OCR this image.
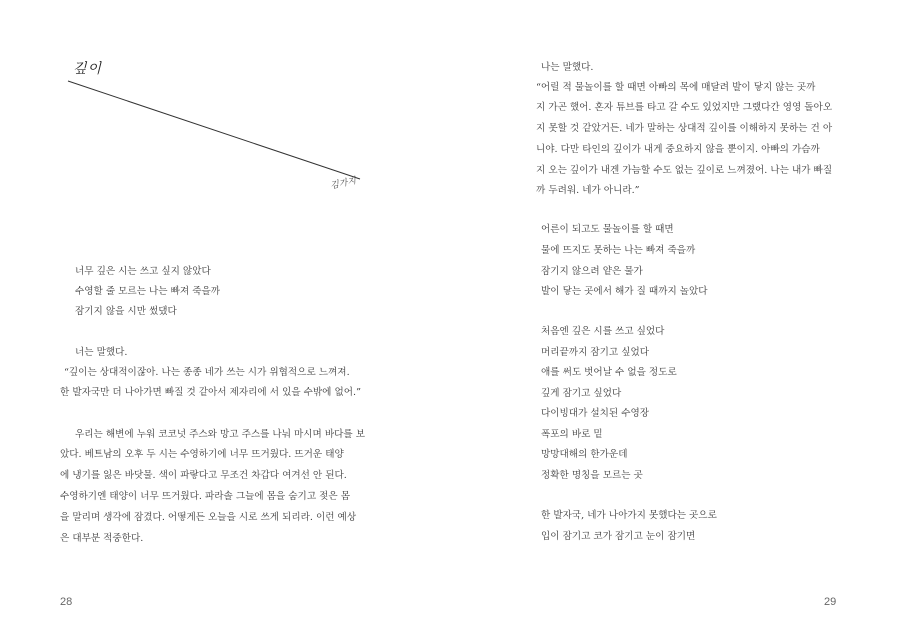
깊이
김가지
너무 깊은 시는 쓰고 싶지 않았다
수영할 줄 모르는 나는 빠져 죽을까
잠기지 않을 시만 썼댔다
너는 말했다.
“깊이는 상대적이잖아. 나는 종종 네가 쓰는 시가 위협적으로 느껴져.
한 발자국만 더 나아가면 빠질 것 같아서 제자리에 서 있을 수밖에 없어.”
우리는 해변에 누워 코코넛 주스와 망고 주스를 나눠 마시며 바다를 보
았다. 베트남의 오후 두 시는 수영하기에 너무 뜨거웠다. 뜨거운 태양
에 냉기를 잃은 바닷물. 색이 파랗다고 무조건 차갑다 여겨선 안 된다.
수영하기엔 태양이 너무 뜨거웠다. 파라솔 그늘에 몸을 숨기고 젖은 몸
을 말리며 생각에 잠겼다. 어떻게든 오늘을 시로 쓰게 되리라. 이런 예상
은 대부분 적중한다.
28
나는 말했다.
“어릴 적 물놀이를 할 때면 아빠의 목에 매달려 발이 닿지 않는 곳까
지 가곤 했어. 혼자 튜브를 타고 갈 수도 있었지만 그랬다간 영영 돌아오
지 못할 것 같았거든. 네가 말하는 상대적 깊이를 이해하지 못하는 건 아
니야. 다만 타인의 깊이가 내게 중요하지 않을 뿐이지. 아빠의 가슴까
지 오는 깊이가 내겐 가늠할 수도 없는 깊이로 느껴졌어. 나는 내가 빠질
까 두려워. 네가 아니라.”
어른이 되고도 물놀이를 할 때면
물에 뜨지도 못하는 나는 빠져 죽을까
잠기지 않으려 얕은 물가
발이 닿는 곳에서 해가 질 때까지 놀았다
처음엔 깊은 시를 쓰고 싶었다
머리끝까지 잠기고 싶었다
애를 써도 벗어날 수 없을 정도로
깊게 잠기고 싶었다
다이빙대가 설치된 수영장
폭포의 바로 밑
망망대해의 한가운데
정확한 명칭을 모르는 곳
한 발자국, 네가 나아가지 못했다는 곳으로
입이 잠기고 코가 잠기고 눈이 잠기면
29
